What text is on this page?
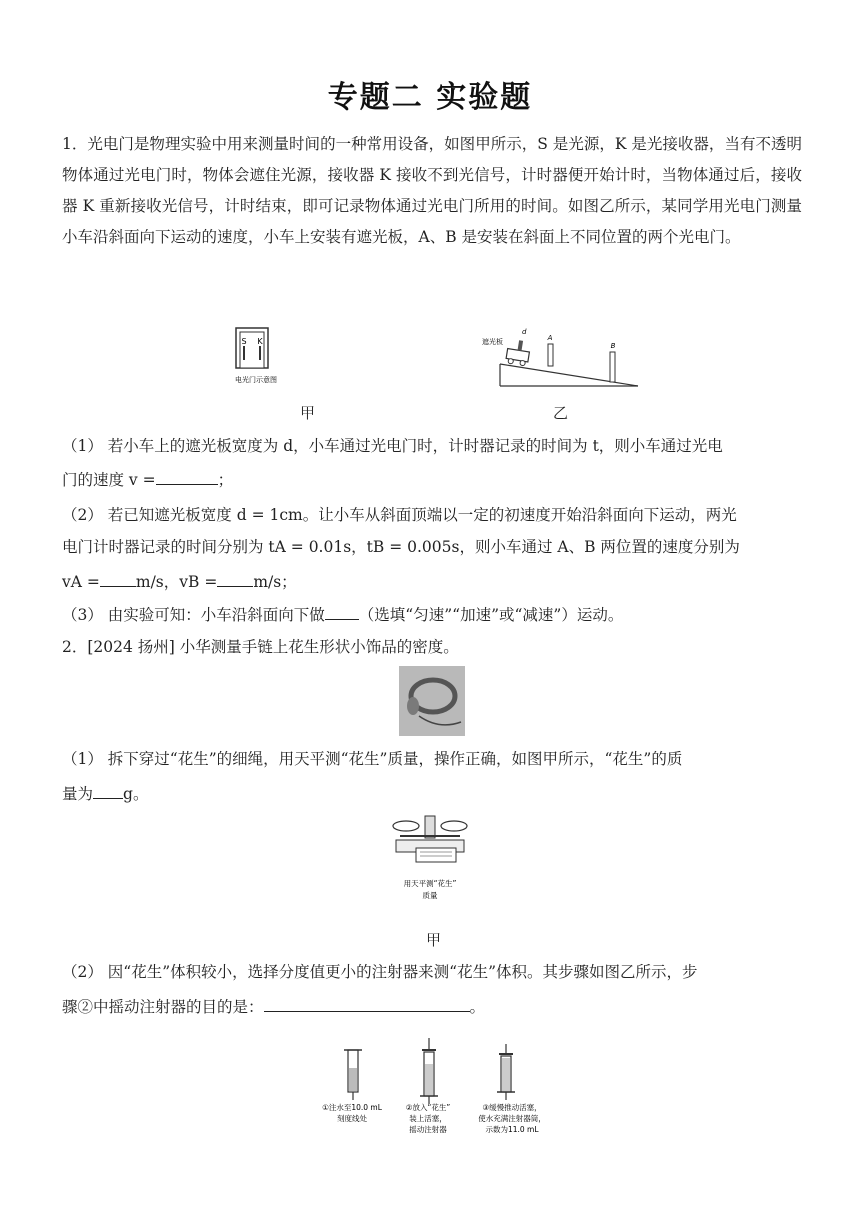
专题二 实验题
1．光电门是物理实验中用来测量时间的一种常用设备，如图甲所示，S 是光源，K 是光接收器，当有不透明物体通过光电门时，物体会遮住光源，接收器 K 接收不到光信号，计时器便开始计时，当物体通过后，接收器 K 重新接收光信号，计时结束，即可记录物体通过光电门所用的时间。如图乙所示，某同学用光电门测量小车沿斜面向下运动的速度，小车上安装有遮光板，A、B 是安装在斜面上不同位置的两个光电门。
S K
电光门示意图
遮光板
d
A
B
甲	乙
（1） 若小车上的遮光板宽度为 d，小车通过光电门时，计时器记录的时间为 t，则小车通过光电
门的速度 v =	；
（2） 若已知遮光板宽度 d = 1cm。让小车从斜面顶端以一定的初速度开始沿斜面向下运动，两光
电门计时器记录的时间分别为 tA = 0.01s，tB = 0.005s，则小车通过 A、B 两位置的速度分别为
vA = m/s，vB = m/s；
（3） 由实验可知：小车沿斜面向下做 （选填“匀速”“加速”或“减速”）运动。
2．[2024 扬州] 小华测量手链上花生形状小饰品的密度。
（1） 拆下穿过“花生”的细绳，用天平测“花生”质量，操作正确，如图甲所示，“花生”的质
量为 g。
用天平测“花生”
质量
甲
（2） 因“花生”体积较小，选择分度值更小的注射器来测“花生”体积。其步骤如图乙所示，步
骤②中摇动注射器的目的是：	。
①注水至10.0 mL
刻度线处
②放入“花生”
装上活塞，
摇动注射器
③缓慢推动活塞，
使水充满注射器筒，
示数为11.0 mL
